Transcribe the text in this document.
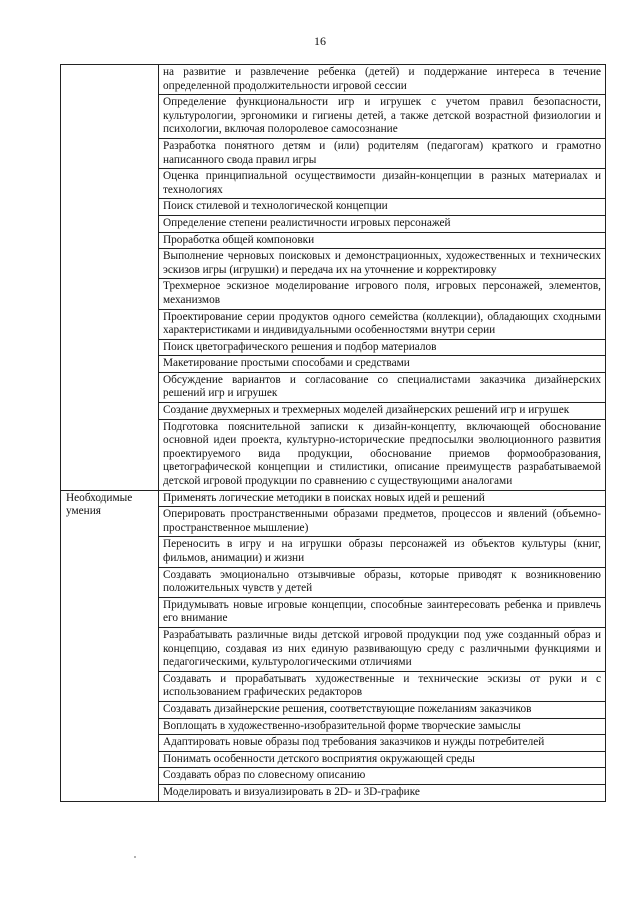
16
	на развитие и развлечение ребенка (детей) и поддержание интереса в течение определенной продолжительности игровой сессии
	Определение функциональности игр и игрушек с учетом правил безопасности, культурологии, эргономики и гигиены детей, а также детской возрастной физиологии и психологии, включая полоролевое самосознание
	Разработка понятного детям и (или) родителям (педагогам) краткого и грамотно написанного свода правил игры
	Оценка принципиальной осуществимости дизайн-концепции в разных материалах и технологиях
	Поиск стилевой и технологической концепции
	Определение степени реалистичности игровых персонажей
	Проработка общей компоновки
	Выполнение черновых поисковых и демонстрационных, художественных и технических эскизов игры (игрушки) и передача их на уточнение и корректировку
	Трехмерное эскизное моделирование игрового поля, игровых персонажей, элементов, механизмов
	Проектирование серии продуктов одного семейства (коллекции), обладающих сходными характеристиками и индивидуальными особенностями внутри серии
	Поиск цветографического решения и подбор материалов
	Макетирование простыми способами и средствами
	Обсуждение вариантов и согласование со специалистами заказчика дизайнерских решений игр и игрушек
	Создание двухмерных и трехмерных моделей дизайнерских решений игр и игрушек
	Подготовка пояснительной записки к дизайн-концепту, включающей обоснование основной идеи проекта, культурно-исторические предпосылки эволюционного развития проектируемого вида продукции, обоснование приемов формообразования, цветографической концепции и стилистики, описание преимуществ разрабатываемой детской игровой продукции по сравнению с существующими аналогами
Необходимые умения	Применять логические методики в поисках новых идей и решений
	Оперировать пространственными образами предметов, процессов и явлений (объемно-пространственное мышление)
	Переносить в игру и на игрушки образы персонажей из объектов культуры (книг, фильмов, анимации) и жизни
	Создавать эмоционально отзывчивые образы, которые приводят к возникновению положительных чувств у детей
	Придумывать новые игровые концепции, способные заинтересовать ребенка и привлечь его внимание
	Разрабатывать различные виды детской игровой продукции под уже созданный образ и концепцию, создавая из них единую развивающую среду с различными функциями и педагогическими, культурологическими отличиями
	Создавать и прорабатывать художественные и технические эскизы от руки и с использованием графических редакторов
	Создавать дизайнерские решения, соответствующие пожеланиям заказчиков
	Воплощать в художественно-изобразительной форме творческие замыслы
	Адаптировать новые образы под требования заказчиков и нужды потребителей
	Понимать особенности детского восприятия окружающей среды
	Создавать образ по словесному описанию
	Моделировать и визуализировать в 2D- и 3D-графике
